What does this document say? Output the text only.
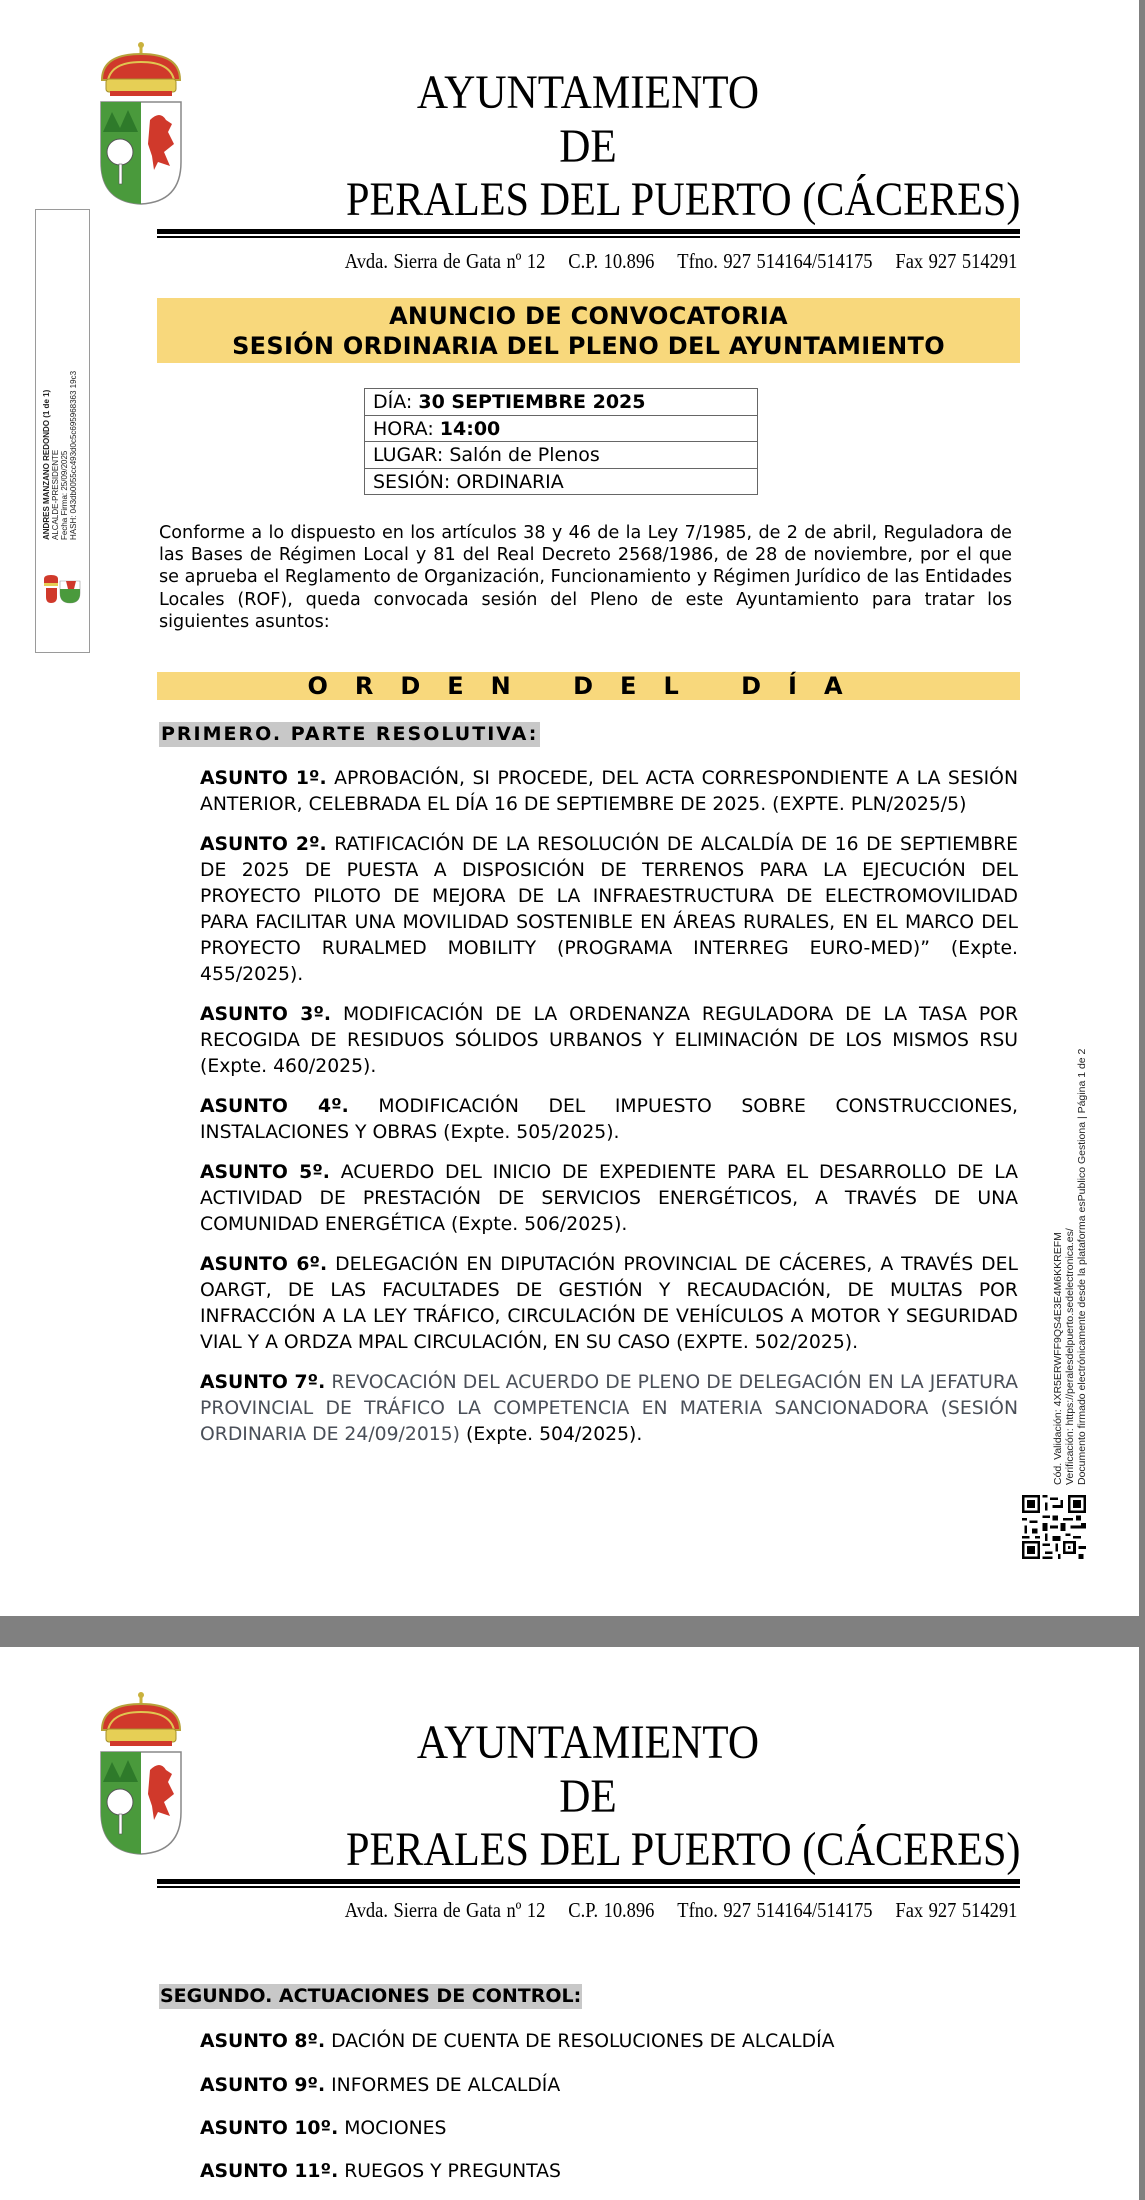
AYUNTAMIENTO
DE
PERALES DEL PUERTO (CÁCERES)
Avda. Sierra de Gata nº 12 C.P. 10.896 Tfno. 927 514164/514175 Fax 927 514291
ANUNCIO DE CONVOCATORIA
SESIÓN ORDINARIA DEL PLENO DEL AYUNTAMIENTO
DÍA: 30 SEPTIEMBRE 2025
HORA: 14:00
LUGAR: Salón de Plenos
SESIÓN: ORDINARIA
Conforme a lo dispuesto en los artículos 38 y 46 de la Ley 7/1985, de 2 de abril, Reguladora de las Bases de Régimen Local y 81 del Real Decreto 2568/1986, de 28 de noviembre, por el que se aprueba el Reglamento de Organización, Funcionamiento y Régimen Jurídico de las Entidades Locales (ROF), queda convocada sesión del Pleno de este Ayuntamiento para tratar los siguientes asuntos:
ORDEN DEL DÍA
PRIMERO. PARTE RESOLUTIVA:
ASUNTO 1º. APROBACIÓN, SI PROCEDE, DEL ACTA CORRESPONDIENTE A LA SESIÓN ANTERIOR, CELEBRADA EL DÍA 16 DE SEPTIEMBRE DE 2025. (EXPTE. PLN/2025/5)
ASUNTO 2º. RATIFICACIÓN DE LA RESOLUCIÓN DE ALCALDÍA DE 16 DE SEPTIEMBRE DE 2025 DE PUESTA A DISPOSICIÓN DE TERRENOS PARA LA EJECUCIÓN DEL PROYECTO PILOTO DE MEJORA DE LA INFRAESTRUCTURA DE ELECTROMOVILIDAD PARA FACILITAR UNA MOVILIDAD SOSTENIBLE EN ÁREAS RURALES, EN EL MARCO DEL PROYECTO RURALMED MOBILITY (PROGRAMA INTERREG EURO-MED)” (Expte. 455/2025).
ASUNTO 3º. MODIFICACIÓN DE LA ORDENANZA REGULADORA DE LA TASA POR RECOGIDA DE RESIDUOS SÓLIDOS URBANOS Y ELIMINACIÓN DE LOS MISMOS RSU (Expte. 460/2025).
ASUNTO 4º. MODIFICACIÓN DEL IMPUESTO SOBRE CONSTRUCCIONES, INSTALACIONES Y OBRAS (Expte. 505/2025).
ASUNTO 5º. ACUERDO DEL INICIO DE EXPEDIENTE PARA EL DESARROLLO DE LA ACTIVIDAD DE PRESTACIÓN DE SERVICIOS ENERGÉTICOS, A TRAVÉS DE UNA COMUNIDAD ENERGÉTICA (Expte. 506/2025).
ASUNTO 6º. DELEGACIÓN EN DIPUTACIÓN PROVINCIAL DE CÁCERES, A TRAVÉS DEL OARGT, DE LAS FACULTADES DE GESTIÓN Y RECAUDACIÓN, DE MULTAS POR INFRACCIÓN A LA LEY TRÁFICO, CIRCULACIÓN DE VEHÍCULOS A MOTOR Y SEGURIDAD VIAL Y A ORDZA MPAL CIRCULACIÓN, EN SU CASO (EXPTE. 502/2025).
ASUNTO 7º. REVOCACIÓN DEL ACUERDO DE PLENO DE DELEGACIÓN EN LA JEFATURA PROVINCIAL DE TRÁFICO LA COMPETENCIA EN MATERIA SANCIONADORA (SESIÓN ORDINARIA DE 24/09/2015) (Expte. 504/2025).
ANDRES MANZANO REDONDO (1 de 1) ALCALDE-PRESIDENTE Fecha Firma: 25/09/2025 HASH: 043db0055cc493d0c5c695968363 19c3
Cód. Validación: 4XR5ERWFF9QS4E3E4M6KKREFM Verificación: https://peralesdelpuerto.sedelectronica.es/ Documento firmado electrónicamente desde la plataforma esPublico Gestiona | Página 1 de 2
AYUNTAMIENTO
DE
PERALES DEL PUERTO (CÁCERES)
Avda. Sierra de Gata nº 12 C.P. 10.896 Tfno. 927 514164/514175 Fax 927 514291
SEGUNDO. ACTUACIONES DE CONTROL:
ASUNTO 8º. DACIÓN DE CUENTA DE RESOLUCIONES DE ALCALDÍA
ASUNTO 9º. INFORMES DE ALCALDÍA
ASUNTO 10º. MOCIONES
ASUNTO 11º. RUEGOS Y PREGUNTAS
